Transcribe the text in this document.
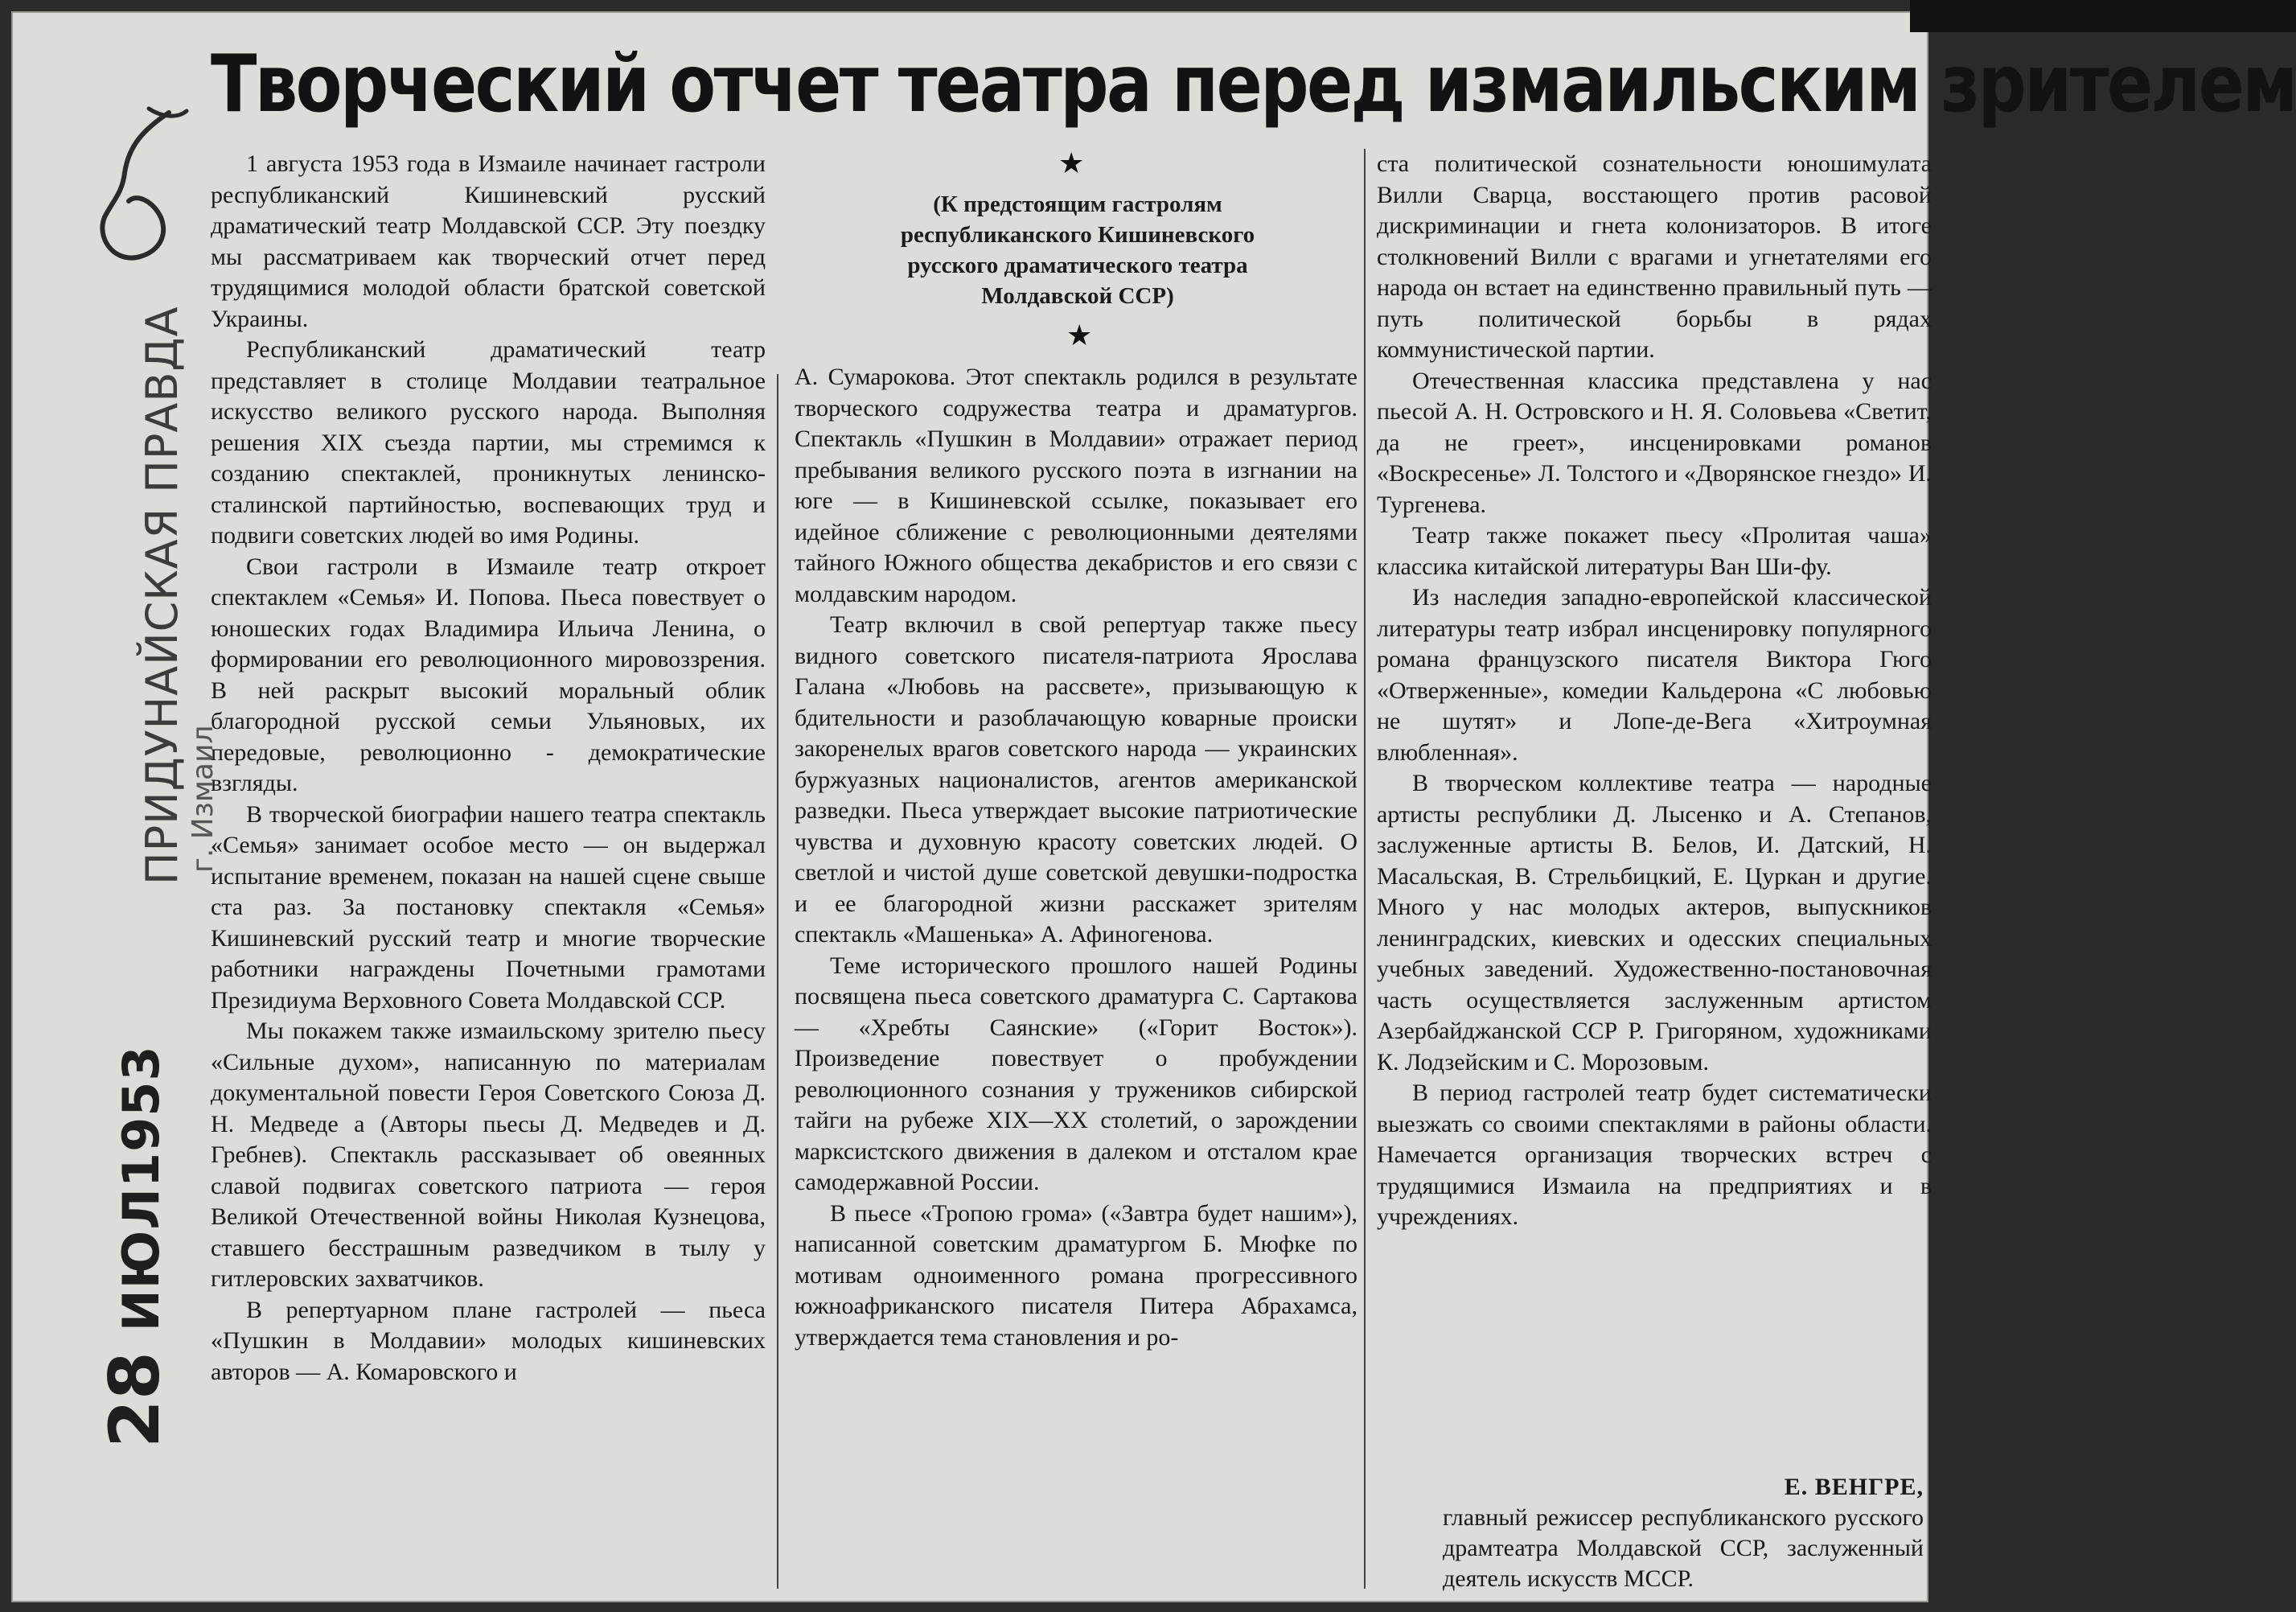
ПРИДУНАЙСКАЯ ПРАВДА г. Измаил
28 ИЮЛ1953
Творческий отчет театра перед измаильским зрителем
★
(К предстоящим гастролям республиканского Кишиневского русского драматического театра Молдавской ССР)
★

1 августа 1953 года в Измаиле начинает гастроли республиканский Кишиневский русский драматический театр Молдавской ССР. Эту поездку мы рассматриваем как творческий отчет перед трудящимися молодой области братской советской Украины.

Республиканский драматический театр представляет в столице Молдавии театральное искусство великого русского народа. Выполняя решения XIX съезда партии, мы стремимся к созданию спектаклей, проникнутых ленинско-сталинской партийностью, воспевающих труд и подвиги советских людей во имя Родины.

Свои гастроли в Измаиле театр откроет спектаклем «Семья» И. Попова. Пьеса повествует о юношеских годах Владимира Ильича Ленина, о формировании его революционного мировоззрения. В ней раскрыт высокий моральный облик благородной русской семьи Ульяновых, их передовые, революционно - демократические взгляды.

В творческой биографии нашего театра спектакль «Семья» занимает особое место — он выдержал испытание временем, показан на нашей сцене свыше ста раз. За постановку спектакля «Семья» Кишиневский русский театр и многие творческие работники награждены Почетными грамотами Президиума Верховного Совета Молдавской ССР.

Мы покажем также измаильскому зрителю пьесу «Сильные духом», написанную по материалам документальной повести Героя Советского Союза Д. Н. Медведе а (Авторы пьесы Д. Медведев и Д. Гребнев). Спектакль рассказывает об овеянных славой подвигах советского патриота — героя Великой Отечественной войны Николая Кузнецова, ставшего бесстрашным разведчиком в тылу у гитлеровских захватчиков.

В репертуарном плане гастролей — пьеса «Пушкин в Молдавии» молодых кишиневских авторов — А. Комаровского и

А. Сумарокова. Этот спектакль родился в результате творческого содружества театра и драматургов. Спектакль «Пушкин в Молдавии» отражает период пребывания великого русского поэта в изгнании на юге — в Кишиневской ссылке, показывает его идейное сближение с революционными деятелями тайного Южного общества декабристов и его связи с молдавским народом.

Театр включил в свой репертуар также пьесу видного советского писателя-патриота Ярослава Галана «Любовь на рассвете», призывающую к бдительности и разоблачающую коварные происки закоренелых врагов советского народа — украинских буржуазных националистов, агентов американской разведки. Пьеса утверждает высокие патриотические чувства и духовную красоту советских людей. О светлой и чистой душе советской девушки-подростка и ее благородной жизни расскажет зрителям спектакль «Машенька» А. Афиногенова.

Теме исторического прошлого нашей Родины посвящена пьеса советского драматурга С. Сартакова — «Хребты Саянские» («Горит Восток»). Произведение повествует о пробуждении революционного сознания у тружеников сибирской тайги на рубеже XIX—XX столетий, о зарождении марксистского движения в далеком и отсталом крае самодержавной России.

В пьесе «Тропою грома» («Завтра будет нашим»), написанной советским драматургом Б. Мюфке по мотивам одноименного романа прогрессивного южноафриканского писателя Питера Абрахамса, утверждается тема становления и ро-

ста политической сознательности юношимулата Вилли Сварца, восстающего против расовой дискриминации и гнета колонизаторов. В итоге столкновений Вилли с врагами и угнетателями его народа он встает на единственно правильный путь — путь политической борьбы в рядах коммунистической партии.

Отечественная классика представлена у нас пьесой А. Н. Островского и Н. Я. Соловьева «Светит, да не греет», инсценировками романов «Воскресенье» Л. Толстого и «Дворянское гнездо» И. Тургенева.

Театр также покажет пьесу «Пролитая чаша» классика китайской литературы Ван Ши-фу.

Из наследия западно-европейской классической литературы театр избрал инсценировку популярного романа французского писателя Виктора Гюго «Отверженные», комедии Кальдерона «С любовью не шутят» и Лопе-де-Вега «Хитроумная влюбленная».

В творческом коллективе театра — народные артисты республики Д. Лысенко и А. Степанов, заслуженные артисты В. Белов, И. Датский, Н. Масальская, В. Стрельбицкий, Е. Цуркан и другие. Много у нас молодых актеров, выпускников ленинградских, киевских и одесских специальных учебных заведений. Художественно-постановочная часть осуществляется заслуженным артистом Азербайджанской ССР Р. Григоряном, художниками К. Лодзейским и С. Морозовым.

В период гастролей театр будет систематически выезжать со своими спектаклями в районы области. Намечается организация творческих встреч с трудящимися Измаила на предприятиях и в учреждениях.

Е. ВЕНГРЕ,
главный режиссер республиканского русского драмтеатра Молдавской ССР, заслуженный деятель искусств МССР.
